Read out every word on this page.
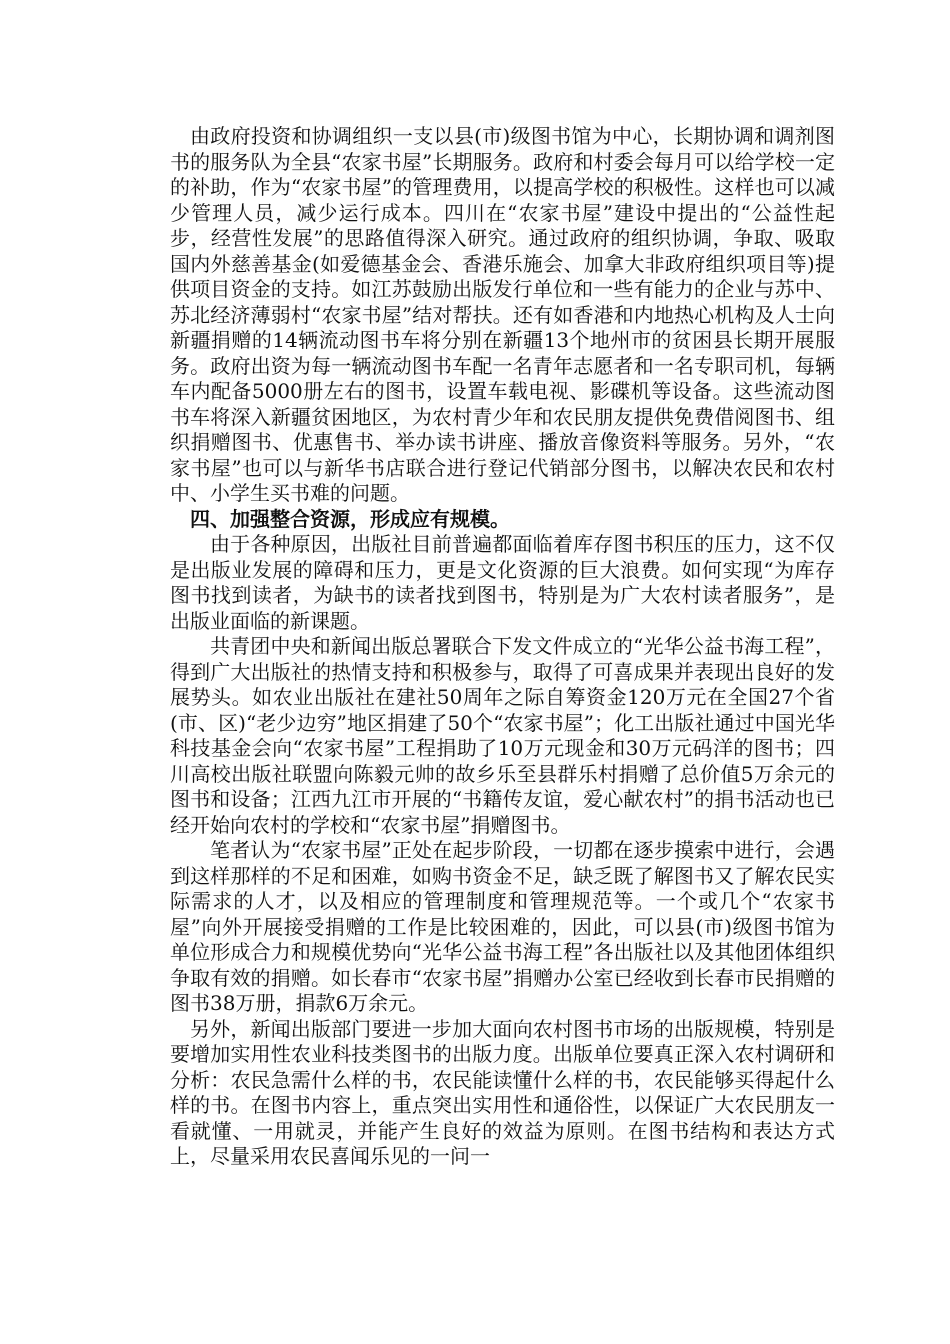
由政府投资和协调组织一支以县(市)级图书馆为中心，长期协调和调剂图书的服务队为全县“农家书屋”长期服务。政府和村委会每月可以给学校一定的补助，作为“农家书屋”的管理费用，以提高学校的积极性。这样也可以减少管理人员，减少运行成本。四川在“农家书屋”建设中提出的“公益性起步，经营性发展”的思路值得深入研究。通过政府的组织协调，争取、吸取国内外慈善基金(如爱德基金会、香港乐施会、加拿大非政府组织项目等)提供项目资金的支持。如江苏鼓励出版发行单位和一些有能力的企业与苏中、苏北经济薄弱村“农家书屋”结对帮扶。还有如香港和内地热心机构及人士向新疆捐赠的14辆流动图书车将分别在新疆13个地州市的贫困县长期开展服务。政府出资为每一辆流动图书车配一名青年志愿者和一名专职司机，每辆车内配备5000册左右的图书，设置车载电视、影碟机等设备。这些流动图书车将深入新疆贫困地区，为农村青少年和农民朋友提供免费借阅图书、组织捐赠图书、优惠售书、举办读书讲座、播放音像资料等服务。另外，“农家书屋”也可以与新华书店联合进行登记代销部分图书，以解决农民和农村中、小学生买书难的问题。

四、加强整合资源，形成应有规模。

由于各种原因，出版社目前普遍都面临着库存图书积压的压力，这不仅是出版业发展的障碍和压力，更是文化资源的巨大浪费。如何实现“为库存图书找到读者，为缺书的读者找到图书，特别是为广大农村读者服务”，是出版业面临的新课题。

共青团中央和新闻出版总署联合下发文件成立的“光华公益书海工程”，得到广大出版社的热情支持和积极参与，取得了可喜成果并表现出良好的发展势头。如农业出版社在建社50周年之际自筹资金120万元在全国27个省(市、区)“老少边穷”地区捐建了50个“农家书屋”；化工出版社通过中国光华科技基金会向“农家书屋”工程捐助了10万元现金和30万元码洋的图书；四川高校出版社联盟向陈毅元帅的故乡乐至县群乐村捐赠了总价值5万余元的图书和设备；江西九江市开展的“书籍传友谊，爱心献农村”的捐书活动也已经开始向农村的学校和“农家书屋”捐赠图书。

笔者认为“农家书屋”正处在起步阶段，一切都在逐步摸索中进行，会遇到这样那样的不足和困难，如购书资金不足，缺乏既了解图书又了解农民实际需求的人才，以及相应的管理制度和管理规范等。一个或几个“农家书屋”向外开展接受捐赠的工作是比较困难的，因此，可以县(市)级图书馆为单位形成合力和规模优势向“光华公益书海工程”各出版社以及其他团体组织争取有效的捐赠。如长春市“农家书屋”捐赠办公室已经收到长春市民捐赠的图书38万册，捐款6万余元。

另外，新闻出版部门要进一步加大面向农村图书市场的出版规模，特别是要增加实用性农业科技类图书的出版力度。出版单位要真正深入农村调研和分析：农民急需什么样的书，农民能读懂什么样的书，农民能够买得起什么样的书。在图书内容上，重点突出实用性和通俗性，以保证广大农民朋友一看就懂、一用就灵，并能产生良好的效益为原则。在图书结构和表达方式上，尽量采用农民喜闻乐见的一问一
